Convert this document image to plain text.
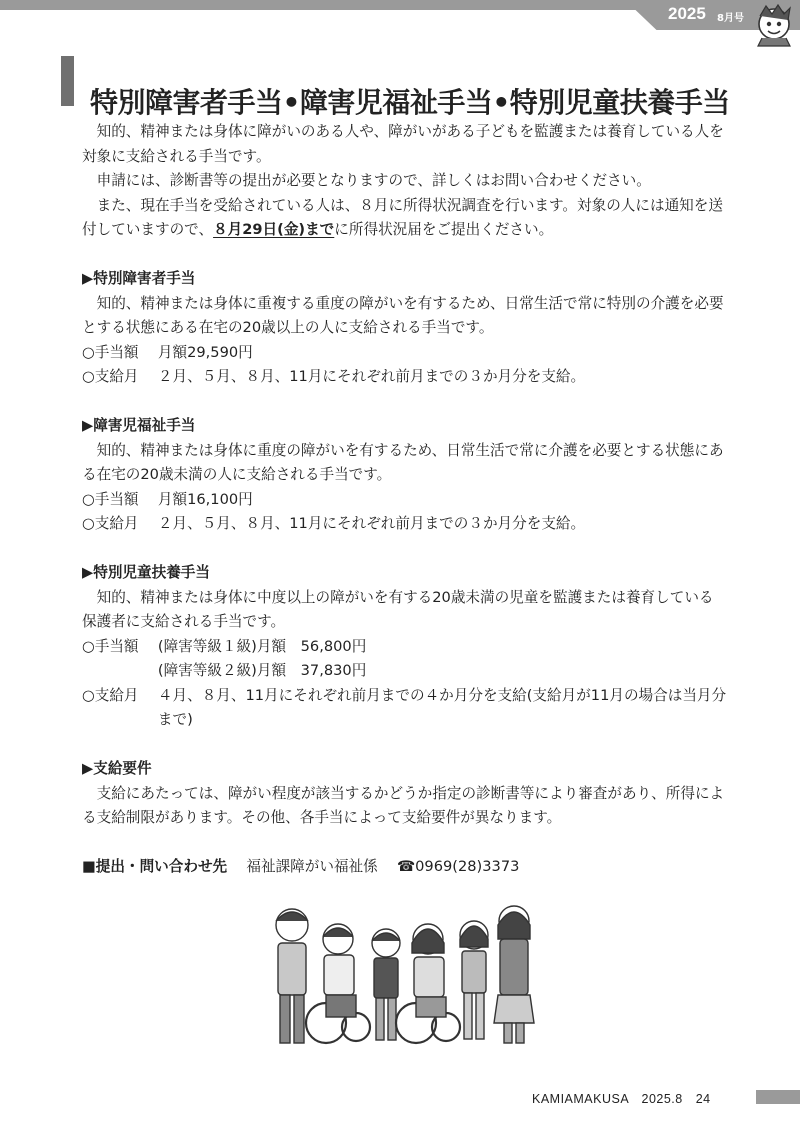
2025 8月号
特別障害者手当•障害児福祉手当•特別児童扶養手当

知的、精神または身体に障がいのある人や、障がいがある子どもを監護または養育している人を対象に支給される手当です。

申請には、診断書等の提出が必要となりますので、詳しくはお問い合わせください。

また、現在手当を受給されている人は、８月に所得状況調査を行います。対象の人には通知を送付していますので、８月29日(金)までに所得状況届をご提出ください。

▶特別障害者手当

知的、精神または身体に重複する重度の障がいを有するため、日常生活で常に特別の介護を必要とする状態にある在宅の20歳以上の人に支給される手当です。

○手当額	月額29,590円
○支給月	２月、５月、８月、11月にそれぞれ前月までの３か月分を支給。

▶障害児福祉手当

知的、精神または身体に重度の障がいを有するため、日常生活で常に介護を必要とする状態にある在宅の20歳未満の人に支給される手当です。

○手当額	月額16,100円
○支給月	２月、５月、８月、11月にそれぞれ前月までの３か月分を支給。

▶特別児童扶養手当

知的、精神または身体に中度以上の障がいを有する20歳未満の児童を監護または養育している保護者に支給される手当です。

○手当額	(障害等級１級)月額　56,800円
(障害等級２級)月額　37,830円
○支給月	４月、８月、11月にそれぞれ前月までの４か月分を支給(支給月が11月の場合は当月分まで)

▶支給要件

支給にあたっては、障がい程度が該当するかどうか指定の診断書等により審査があり、所得による支給制限があります。その他、各手当によって支給要件が異なります。

■提出・問い合わせ先　 福祉課障がい福祉係　 ☎0969(28)3373

KAMIAMAKUSA　2025.8　24
